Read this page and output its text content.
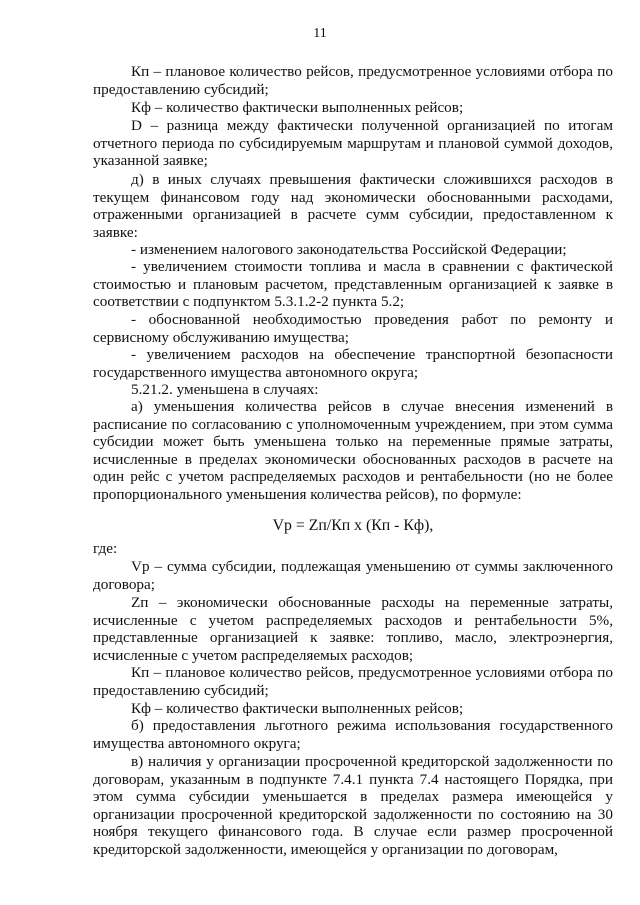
11

Кп – плановое количество рейсов, предусмотренное условиями отбора по предоставлению субсидий;

Кф – количество фактически выполненных рейсов;

D – разница между фактически полученной организацией по итогам отчетного периода по субсидируемым маршрутам и плановой суммой доходов, указанной заявке;

д) в иных случаях превышения фактически сложившихся расходов в текущем финансовом году над экономически обоснованными расходами, отраженными организацией в расчете сумм субсидии, предоставленном к заявке:

- изменением налогового законодательства Российской Федерации;

- увеличением стоимости топлива и масла в сравнении с фактической стоимостью и плановым расчетом, представленным организацией к заявке в соответствии с подпунктом 5.3.1.2-2 пункта 5.2;

- обоснованной необходимостью проведения работ по ремонту и сервисному обслуживанию имущества;

- увеличением расходов на обеспечение транспортной безопасности государственного имущества автономного округа;

5.21.2. уменьшена в случаях:

а) уменьшения количества рейсов в случае внесения изменений в расписание по согласованию с уполномоченным учреждением, при этом сумма субсидии может быть уменьшена только на переменные прямые затраты, исчисленные в пределах экономически обоснованных расходов в расчете на один рейс с учетом распределяемых расходов и рентабельности (но не более пропорционального уменьшения количества рейсов), по формуле:

Vр = Zп/Кп х (Кп - Кф),

где:

Vр – сумма субсидии, подлежащая уменьшению от суммы заключенного договора;

Zп – экономически обоснованные расходы на переменные затраты, исчисленные с учетом распределяемых расходов и рентабельности 5%, представленные организацией к заявке: топливо, масло, электроэнергия, исчисленные с учетом распределяемых расходов;

Кп – плановое количество рейсов, предусмотренное условиями отбора по предоставлению субсидий;

Кф – количество фактически выполненных рейсов;

б) предоставления льготного режима использования государственного имущества автономного округа;

в) наличия у организации просроченной кредиторской задолженности по договорам, указанным в подпункте 7.4.1 пункта 7.4 настоящего Порядка, при этом сумма субсидии уменьшается в пределах размера имеющейся у организации просроченной кредиторской задолженности по состоянию на 30 ноября текущего финансового года. В случае если размер просроченной кредиторской задолженности, имеющейся у организации по договорам,
